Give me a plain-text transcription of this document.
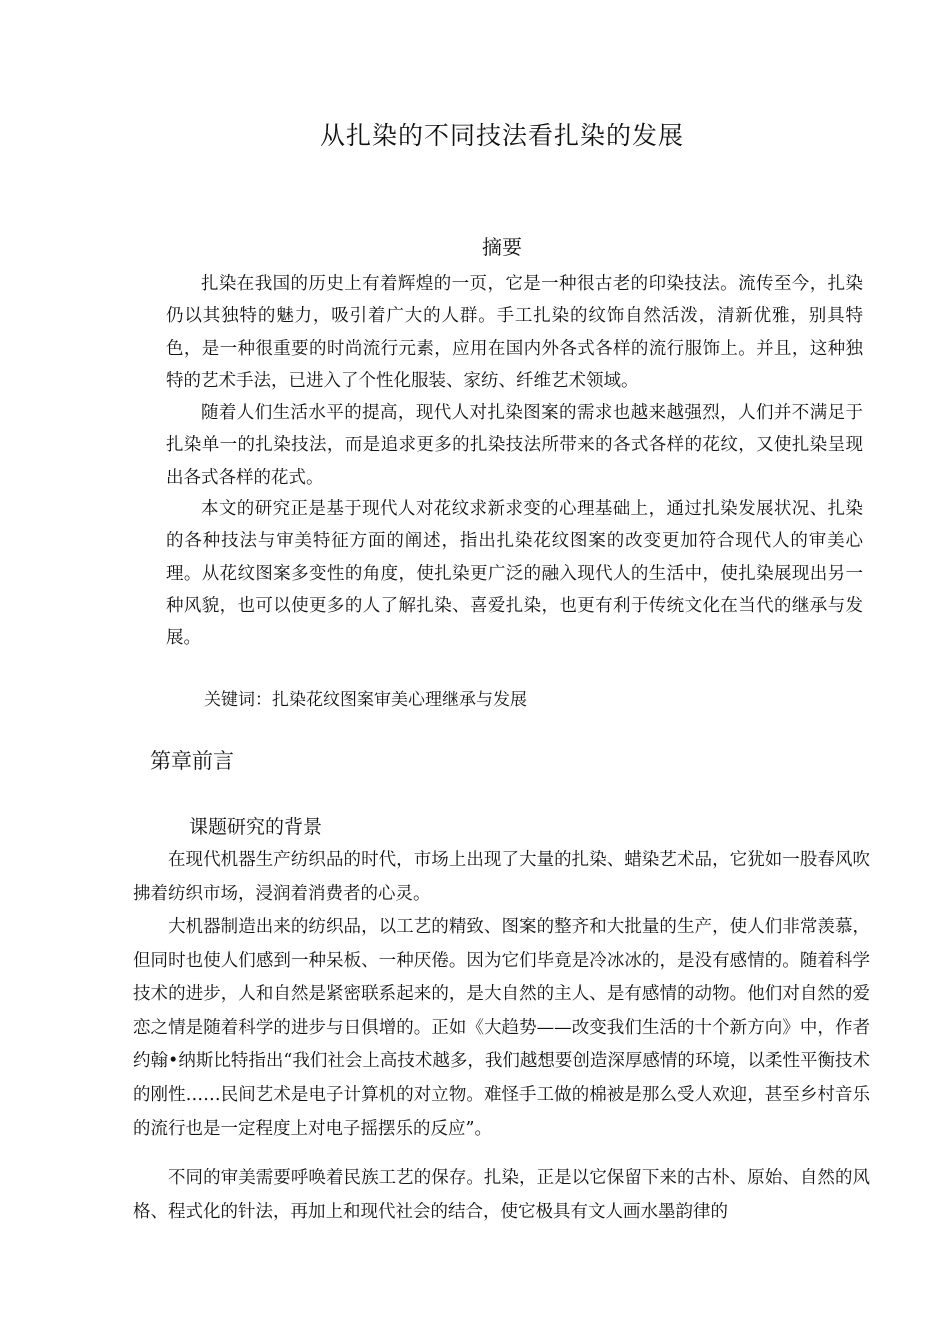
从扎染的不同技法看扎染的发展
摘要

扎染在我国的历史上有着辉煌的一页，它是一种很古老的印染技法。流传至今，扎染仍以其独特的魅力，吸引着广大的人群。手工扎染的纹饰自然活泼，清新优雅，别具特色，是一种很重要的时尚流行元素，应用在国内外各式各样的流行服饰上。并且，这种独特的艺术手法，已进入了个性化服装、家纺、纤维艺术领域。

随着人们生活水平的提高，现代人对扎染图案的需求也越来越强烈，人们并不满足于扎染单一的扎染技法，而是追求更多的扎染技法所带来的各式各样的花纹，又使扎染呈现出各式各样的花式。

本文的研究正是基于现代人对花纹求新求变的心理基础上，通过扎染发展状况、扎染的各种技法与审美特征方面的阐述，指出扎染花纹图案的改变更加符合现代人的审美心理。从花纹图案多变性的角度，使扎染更广泛的融入现代人的生活中，使扎染展现出另一种风貌，也可以使更多的人了解扎染、喜爱扎染，也更有利于传统文化在当代的继承与发展。

关键词：扎染花纹图案审美心理继承与发展
第章前言
课题研究的背景

在现代机器生产纺织品的时代，市场上出现了大量的扎染、蜡染艺术品，它犹如一股春风吹拂着纺织市场，浸润着消费者的心灵。

大机器制造出来的纺织品，以工艺的精致、图案的整齐和大批量的生产，使人们非常羡慕，但同时也使人们感到一种呆板、一种厌倦。因为它们毕竟是冷冰冰的，是没有感情的。随着科学技术的进步，人和自然是紧密联系起来的，是大自然的主人、是有感情的动物。他们对自然的爱恋之情是随着科学的进步与日俱增的。正如《大趋势——改变我们生活的十个新方向》中，作者约翰•纳斯比特指出“我们社会上高技术越多，我们越想要创造深厚感情的环境，以柔性平衡技术的刚性……民间艺术是电子计算机的对立物。难怪手工做的棉被是那么受人欢迎，甚至乡村音乐的流行也是一定程度上对电子摇摆乐的反应”。

不同的审美需要呼唤着民族工艺的保存。扎染，正是以它保留下来的古朴、原始、自然的风格、程式化的针法，再加上和现代社会的结合，使它极具有文人画水墨韵律的
